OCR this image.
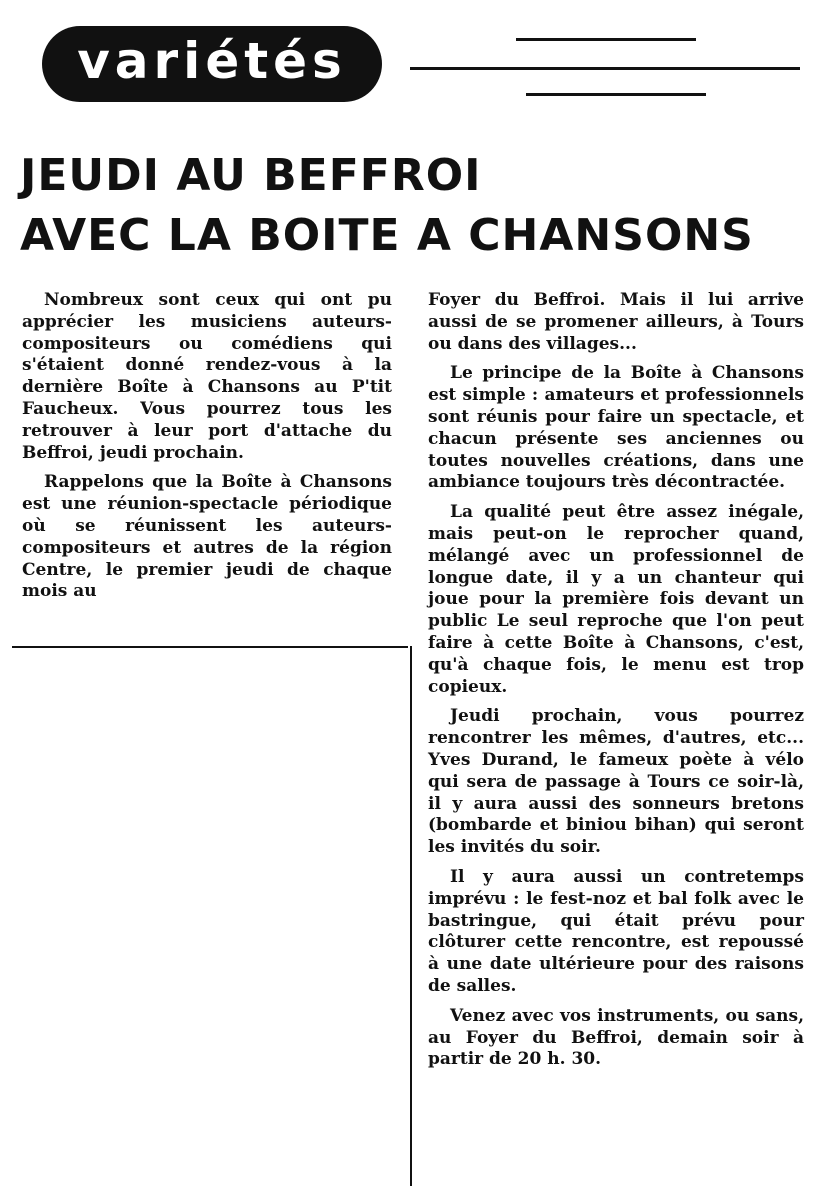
variétés
JEUDI AU BEFFROI
AVEC LA BOITE A CHANSONS

Nombreux sont ceux qui ont pu apprécier les musiciens auteurs-compositeurs ou comédiens qui s'étaient donné rendez-vous à la dernière Boîte à Chansons au P'tit Faucheux. Vous pourrez tous les retrouver à leur port d'attache du Beffroi, jeudi prochain.

Rappelons que la Boîte à Chansons est une réunion-spectacle périodique où se réunissent les auteurs-compositeurs et autres de la région Centre, le premier jeudi de chaque mois au

Foyer du Beffroi. Mais il lui arrive aussi de se promener ailleurs, à Tours ou dans des villages...

Le principe de la Boîte à Chansons est simple : amateurs et professionnels sont réunis pour faire un spectacle, et chacun présente ses anciennes ou toutes nouvelles créations, dans une ambiance toujours très décontractée.

La qualité peut être assez inégale, mais peut-on le reprocher quand, mélangé avec un professionnel de longue date, il y a un chanteur qui joue pour la première fois devant un public Le seul reproche que l'on peut faire à cette Boîte à Chansons, c'est, qu'à chaque fois, le menu est trop copieux.

Jeudi prochain, vous pourrez rencontrer les mêmes, d'autres, etc... Yves Durand, le fameux poète à vélo qui sera de passage à Tours ce soir-là, il y aura aussi des sonneurs bretons (bombarde et biniou bihan) qui seront les invités du soir.

Il y aura aussi un contretemps imprévu : le fest-noz et bal folk avec le bastringue, qui était prévu pour clôturer cette rencontre, est repoussé à une date ultérieure pour des raisons de salles.

Venez avec vos instruments, ou sans, au Foyer du Beffroi, demain soir à partir de 20 h. 30.
